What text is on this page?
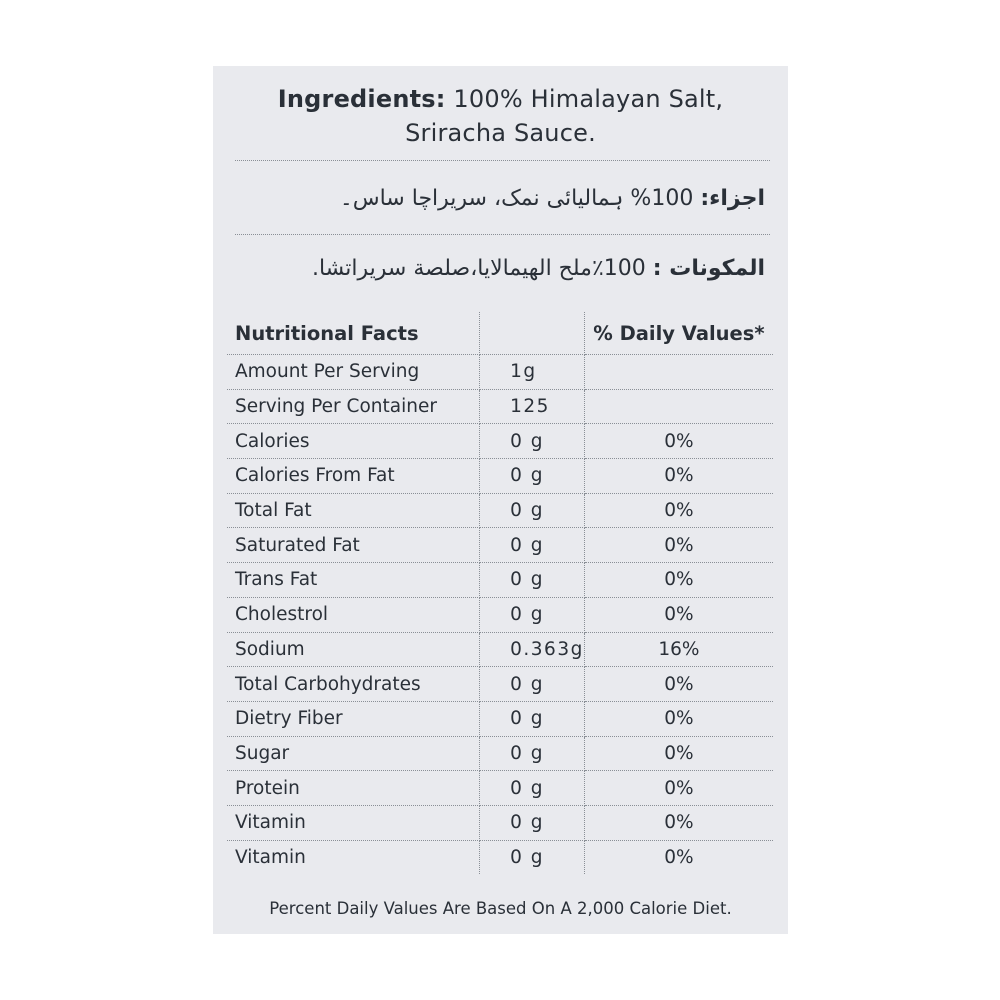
Ingredients: 100% Himalayan Salt,
Sriracha Sauce.
اجزاء: 100% ہمالیائی نمک، سریراچا ساس۔
المكونات : 100٪ملح الهيمالايا،صلصة سريراتشا.
Nutritional Facts		% Daily Values*
Amount Per Serving	1g	
Serving Per Container	125	
Calories	0 g	0%
Calories From Fat	0 g	0%
Total Fat	0 g	0%
Saturated Fat	0 g	0%
Trans Fat	0 g	0%
Cholestrol	0 g	0%
Sodium	0.363g	16%
Total Carbohydrates	0 g	0%
Dietry Fiber	0 g	0%
Sugar	0 g	0%
Protein	0 g	0%
Vitamin	0 g	0%
Vitamin	0 g	0%
Percent Daily Values Are Based On A 2,000 Calorie Diet.
